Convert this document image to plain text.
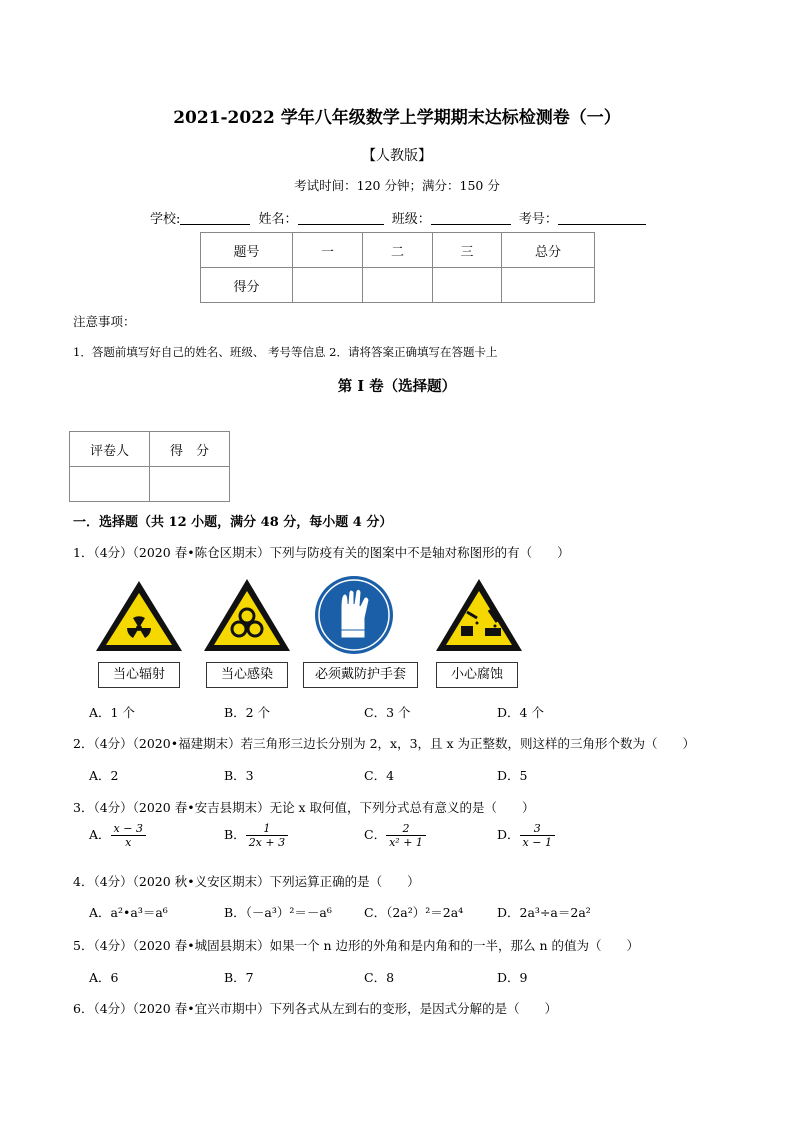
2021-2022 学年八年级数学上学期期末达标检测卷（一）
【人教版】
考试时间：120 分钟；满分：150 分
学校:	姓名：	班级：	考号：
题号	一	二	三	总分
得分				
注意事项：
1．答题前填写好自己的姓名、班级、 考号等信息 2．请将答案正确填写在答题卡上
第 I 卷（选择题）
评卷人	得　分

一．选择题（共 12 小题，满分 48 分，每小题 4 分）
1．（4分）（2020 春•陈仓区期末）下列与防疫有关的图案中不是轴对称图形的有（　　）
当心辐射	当心感染	必须戴防护手套	小心腐蚀
A．1 个	B．2 个	C．3 个	D．4 个
2．（4分）（2020•福建期末）若三角形三边长分别为 2，x，3，且 x 为正整数，则这样的三角形个数为（　　）
A．2	B．3	C．4	D．5
3．（4分）（2020 春•安吉县期末）无论 x 取何值，下列分式总有意义的是（　　）
A． $\frac{x - 3}{x}$	B． $\frac{1}{2x + 3}$	C． $\frac{2}{\text{x² + 1}}$	D． $\frac{3}{x - 1}$
4．（4分）（2020 秋•义安区期末）下列运算正确的是（　　）
A．a²•a³＝a⁶	B．（－a³）²＝－a⁶	C．（2a²）²＝2a⁴	D．2a³÷a＝2a²
5．（4分）（2020 春•城固县期末）如果一个 n 边形的外角和是内角和的一半，那么 n 的值为（　　）
A．6	B．7	C．8	D．9
6．（4分）（2020 春•宜兴市期中）下列各式从左到右的变形，是因式分解的是（　　）
